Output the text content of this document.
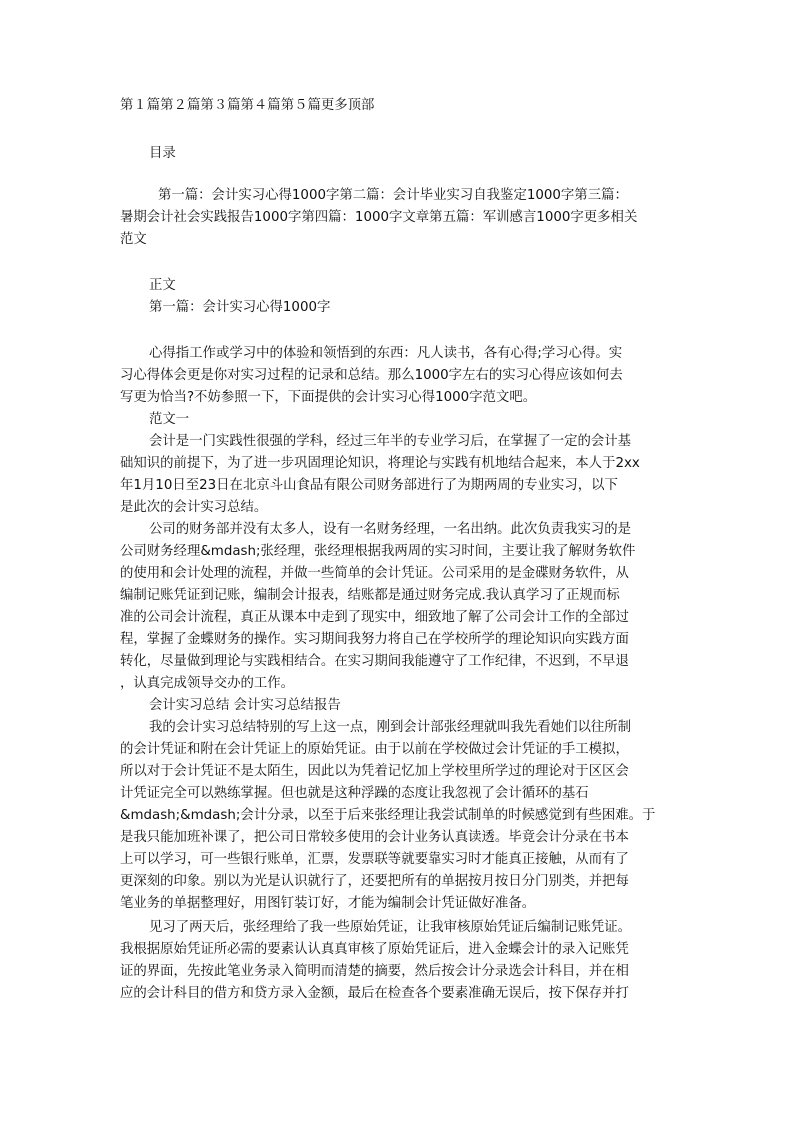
第１篇第２篇第３篇第４篇第５篇更多顶部
目录
第一篇：会计实习心得1000字第二篇：会计毕业实习自我鉴定1000字第三篇：
暑期会计社会实践报告1000字第四篇：1000字文章第五篇：军训感言1000字更多相关
范文
正文
第一篇：会计实习心得1000字
心得指工作或学习中的体验和领悟到的东西：凡人读书，各有心得;学习心得。实
习心得体会更是你对实习过程的记录和总结。那么1000字左右的实习心得应该如何去
写更为恰当?不妨参照一下，下面提供的会计实习心得1000字范文吧。
范文一
会计是一门实践性很强的学科，经过三年半的专业学习后，在掌握了一定的会计基
础知识的前提下，为了进一步巩固理论知识，将理论与实践有机地结合起来，本人于2xx
年1月10日至23日在北京斗山食品有限公司财务部进行了为期两周的专业实习，以下
是此次的会计实习总结。
公司的财务部并没有太多人，设有一名财务经理，一名出纳。此次负责我实习的是
公司财务经理&mdash;张经理，张经理根据我两周的实习时间，主要让我了解财务软件
的使用和会计处理的流程，并做一些简单的会计凭证。公司采用的是金碟财务软件，从
编制记账凭证到记账，编制会计报表，结账都是通过财务完成.我认真学习了正规而标
准的公司会计流程，真正从课本中走到了现实中，细致地了解了公司会计工作的全部过
程，掌握了金蝶财务的操作。实习期间我努力将自己在学校所学的理论知识向实践方面
转化，尽量做到理论与实践相结合。在实习期间我能遵守了工作纪律，不迟到，不早退
，认真完成领导交办的工作。
会计实习总结 会计实习总结报告
我的会计实习总结特别的写上这一点，刚到会计部张经理就叫我先看她们以往所制
的会计凭证和附在会计凭证上的原始凭证。由于以前在学校做过会计凭证的手工模拟，
所以对于会计凭证不是太陌生，因此以为凭着记忆加上学校里所学过的理论对于区区会
计凭证完全可以熟练掌握。但也就是这种浮躁的态度让我忽视了会计循环的基石
&mdash;&mdash;会计分录，以至于后来张经理让我尝试制单的时候感觉到有些困难。于
是我只能加班补课了，把公司日常较多使用的会计业务认真读透。毕竟会计分录在书本
上可以学习，可一些银行账单，汇票，发票联等就要靠实习时才能真正接触，从而有了
更深刻的印象。别以为光是认识就行了，还要把所有的单据按月按日分门别类，并把每
笔业务的单据整理好，用图钉装订好，才能为编制会计凭证做好准备。
见习了两天后，张经理给了我一些原始凭证，让我审核原始凭证后编制记账凭证。
我根据原始凭证所必需的要素认认真真审核了原始凭证后，进入金蝶会计的录入记账凭
证的界面，先按此笔业务录入简明而清楚的摘要，然后按会计分录选会计科目，并在相
应的会计科目的借方和贷方录入金额，最后在检查各个要素准确无误后，按下保存并打
